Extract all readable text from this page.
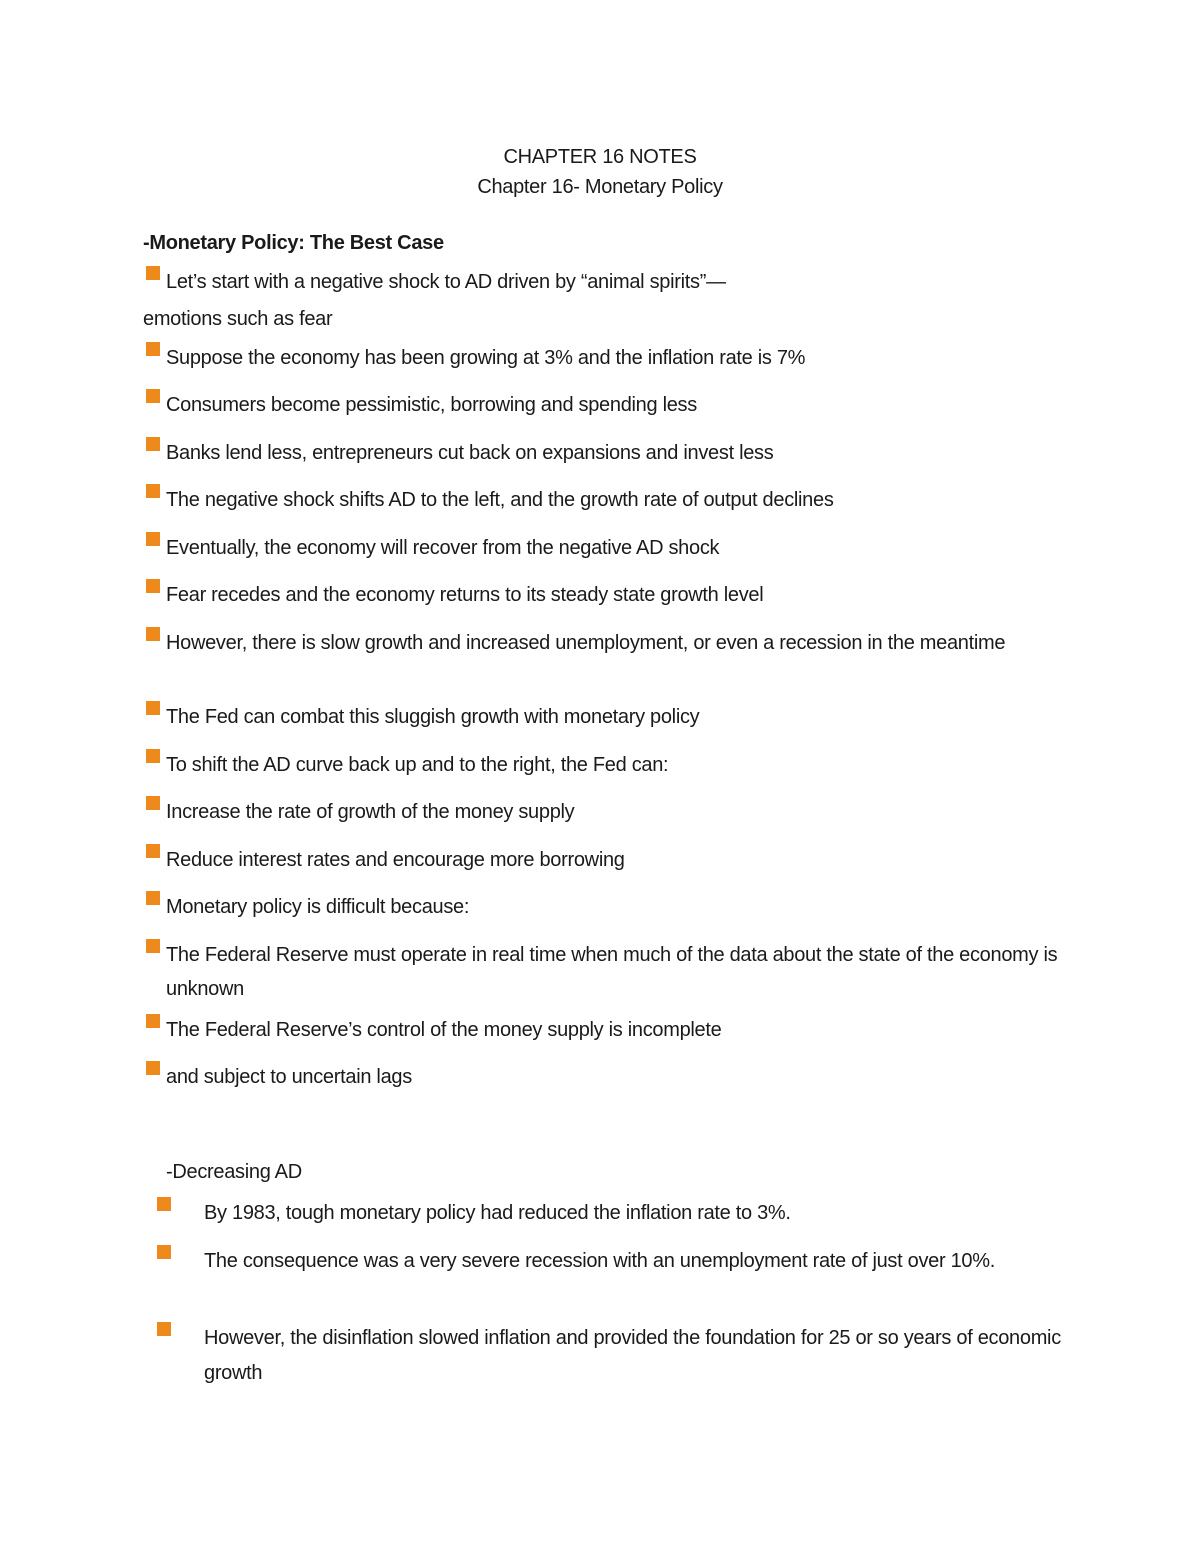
CHAPTER 16 NOTES
Chapter 16- Monetary Policy
-Monetary Policy: The Best Case
Let’s start with a negative shock to AD driven by “animal spirits”—
emotions such as fear
Suppose the economy has been growing at 3% and the inflation rate is 7%
Consumers become pessimistic, borrowing and spending less
Banks lend less, entrepreneurs cut back on expansions and invest less
The negative shock shifts AD to the left, and the growth rate of output declines
Eventually, the economy will recover from the negative AD shock
Fear recedes and the economy returns to its steady state growth level
However, there is slow growth and increased unemployment, or even a recession in the meantime
The Fed can combat this sluggish growth with monetary policy
To shift the AD curve back up and to the right, the Fed can:
Increase the rate of growth of the money supply
Reduce interest rates and encourage more borrowing
Monetary policy is difficult because:
The Federal Reserve must operate in real time when much of the data about the state of the economy is unknown
The Federal Reserve’s control of the money supply is incomplete
and subject to uncertain lags
-Decreasing AD
By 1983, tough monetary policy had reduced the inflation rate to 3%.
The consequence was a very severe recession with an unemployment rate of just over 10%.
However, the disinflation slowed inflation and provided the foundation for 25 or so years of economic growth
